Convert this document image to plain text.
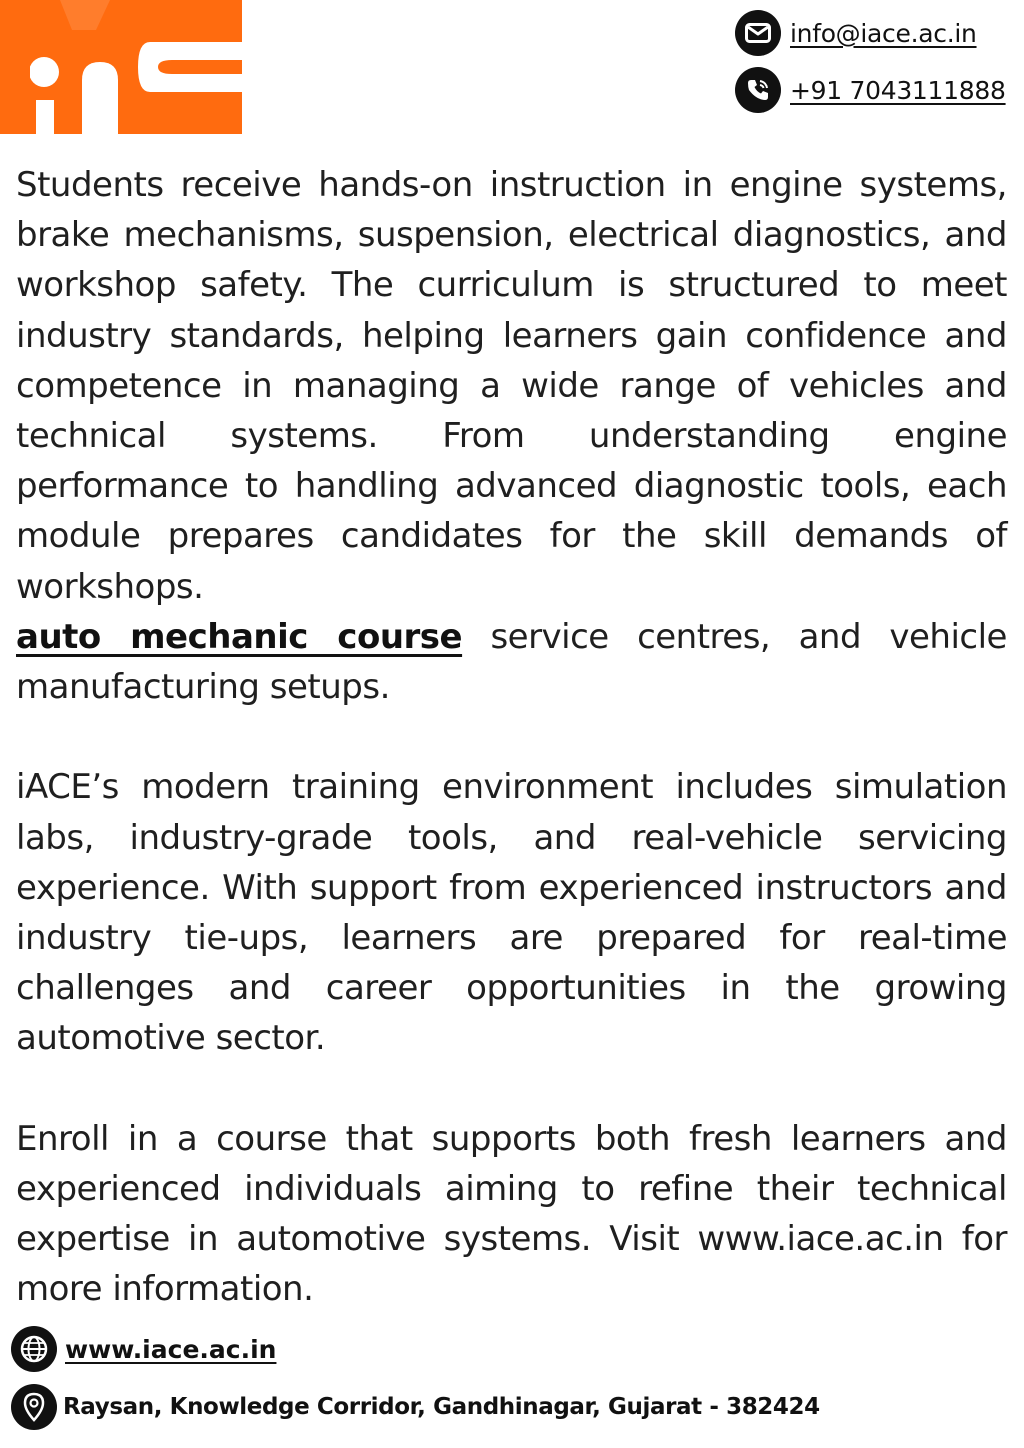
info@iace.ac.in
+91 7043111888

Students receive hands-on instruction in engine systems, brake mechanisms, suspension, electrical diagnostics, and workshop safety. The curriculum is structured to meet industry standards, helping learners gain confidence and competence in managing a wide range of vehicles and technical systems. From understanding engine performance to handling advanced diagnostic tools, each module prepares candidates for the skill demands of workshops.
auto mechanic course service centres, and vehicle manufacturing setups.

iACE’s modern training environment includes simulation labs, industry-grade tools, and real-vehicle servicing experience. With support from experienced instructors and industry tie-ups, learners are prepared for real-time challenges and career opportunities in the growing automotive sector.

Enroll in a course that supports both fresh learners and experienced individuals aiming to refine their technical expertise in automotive systems. Visit www.iace.ac.in for more information.

www.iace.ac.in
Raysan, Knowledge Corridor, Gandhinagar, Gujarat - 382424
